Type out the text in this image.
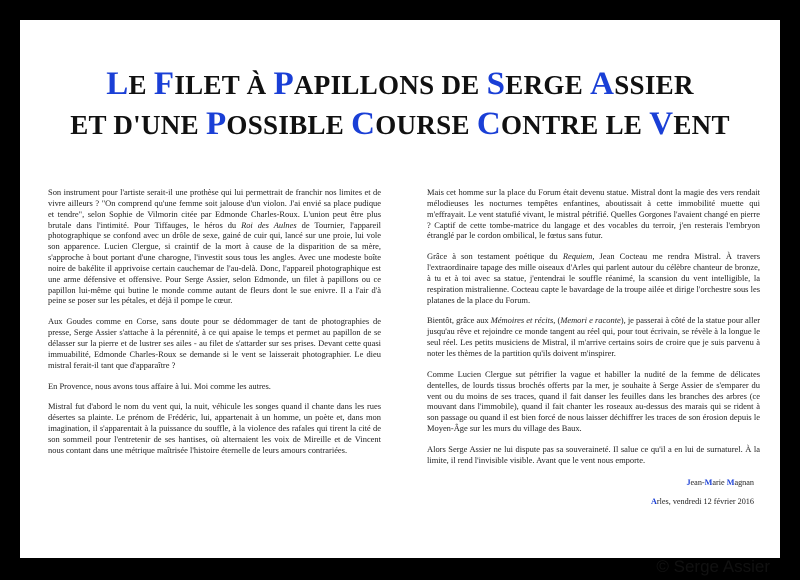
LE FILET À PAPILLONS DE SERGE ASSIER
ET D'UNE POSSIBLE COURSE CONTRE LE VENT

Son instrument pour l'artiste serait-il une prothèse qui lui permettrait de franchir nos limites et de vivre ailleurs ? "On comprend qu'une femme soit jalouse d'un violon. J'ai envié sa place pudique et tendre", selon Sophie de Vilmorin citée par Edmonde Charles-Roux. L'union peut être plus brutale dans l'intimité. Pour Tiffauges, le héros du Roi des Aulnes de Tournier, l'appareil photographique se confond avec un drôle de sexe, gainé de cuir qui, lancé sur une proie, lui vole son apparence. Lucien Clergue, si craintif de la mort à cause de la disparition de sa mère, s'approche à bout portant d'une charogne, l'investit sous tous les angles. Avec une modeste boîte noire de bakélite il apprivoise certain cauchemar de l'au-delà. Donc, l'appareil photographique est une arme défensive et offensive. Pour Serge Assier, selon Edmonde, un filet à papillons ou ce papillon lui-même qui butine le monde comme autant de fleurs dont le sue enivre. Il a l'air d'à peine se poser sur les pétales, et déjà il pompe le cœur.

Aux Goudes comme en Corse, sans doute pour se dédommager de tant de photographies de presse, Serge Assier s'attache à la pérennité, à ce qui apaise le temps et permet au papillon de se délasser sur la pierre et de lustrer ses ailes - au filet de s'attarder sur ses prises. Devant cette quasi immuabilité, Edmonde Charles-Roux se demande si le vent se laisserait photographier. Le dieu mistral ferait-il tant que d'apparaître ?

En Provence, nous avons tous affaire à lui. Moi comme les autres.

Mistral fut d'abord le nom du vent qui, la nuit, véhicule les songes quand il chante dans les rues désertes sa plainte. Le prénom de Frédéric, lui, appartenait à un homme, un poète et, dans mon imagination, il s'apparentait à la puissance du souffle, à la violence des rafales qui tirent la cité de son sommeil pour l'entretenir de ses hantises, où alternaient les voix de Mireille et de Vincent nous contant dans une métrique maîtrisée l'histoire éternelle de leurs amours contrariées.

Mais cet homme sur la place du Forum était devenu statue. Mistral dont la magie des vers rendait mélodieuses les nocturnes tempêtes enfantines, aboutissait à cette immobilité muette qui m'effrayait. Le vent statufié vivant, le mistral pétrifié. Quelles Gorgones l'avaient changé en pierre ? Captif de cette tombe-matrice du langage et des vocables du terroir, j'en resterais l'embryon étranglé par le cordon ombilical, le fœtus sans futur.

Grâce à son testament poétique du Requiem, Jean Cocteau me rendra Mistral. À travers l'extraordinaire tapage des mille oiseaux d'Arles qui parlent autour du célèbre chanteur de bronze, à tu et à toi avec sa statue, j'entendrai le souffle réanimé, la scansion du vent intelligible, la respiration mistralienne. Cocteau capte le bavardage de la troupe ailée et dirige l'orchestre sous les platanes de la place du Forum.

Bientôt, grâce aux Mémoires et récits, (Memori e raconte), je passerai à côté de la statue pour aller jusqu'au rêve et rejoindre ce monde tangent au réel qui, pour tout écrivain, se révèle à la longue le seul réel. Les petits musiciens de Mistral, il m'arrive certains soirs de croire que je suis parvenu à noter les thèmes de la partition qu'ils doivent m'inspirer.

Comme Lucien Clergue sut pétrifier la vague et habiller la nudité de la femme de délicates dentelles, de lourds tissus brochés offerts par la mer, je souhaite à Serge Assier de s'emparer du vent ou du moins de ses traces, quand il fait danser les feuilles dans les branches des arbres (ce mouvant dans l'immobile), quand il fait chanter les roseaux au-dessus des marais qui se rident à son passage ou quand il est bien forcé de nous laisser déchiffrer les traces de son érosion depuis le Moyen-Âge sur les murs du village des Baux.

Alors Serge Assier ne lui dispute pas sa souveraineté. Il salue ce qu'il a en lui de surnaturel. À la limite, il rend l'invisible visible. Avant que le vent nous emporte.

Jean-Marie Magnan
Arles, vendredi 12 février 2016
© Serge Assier
